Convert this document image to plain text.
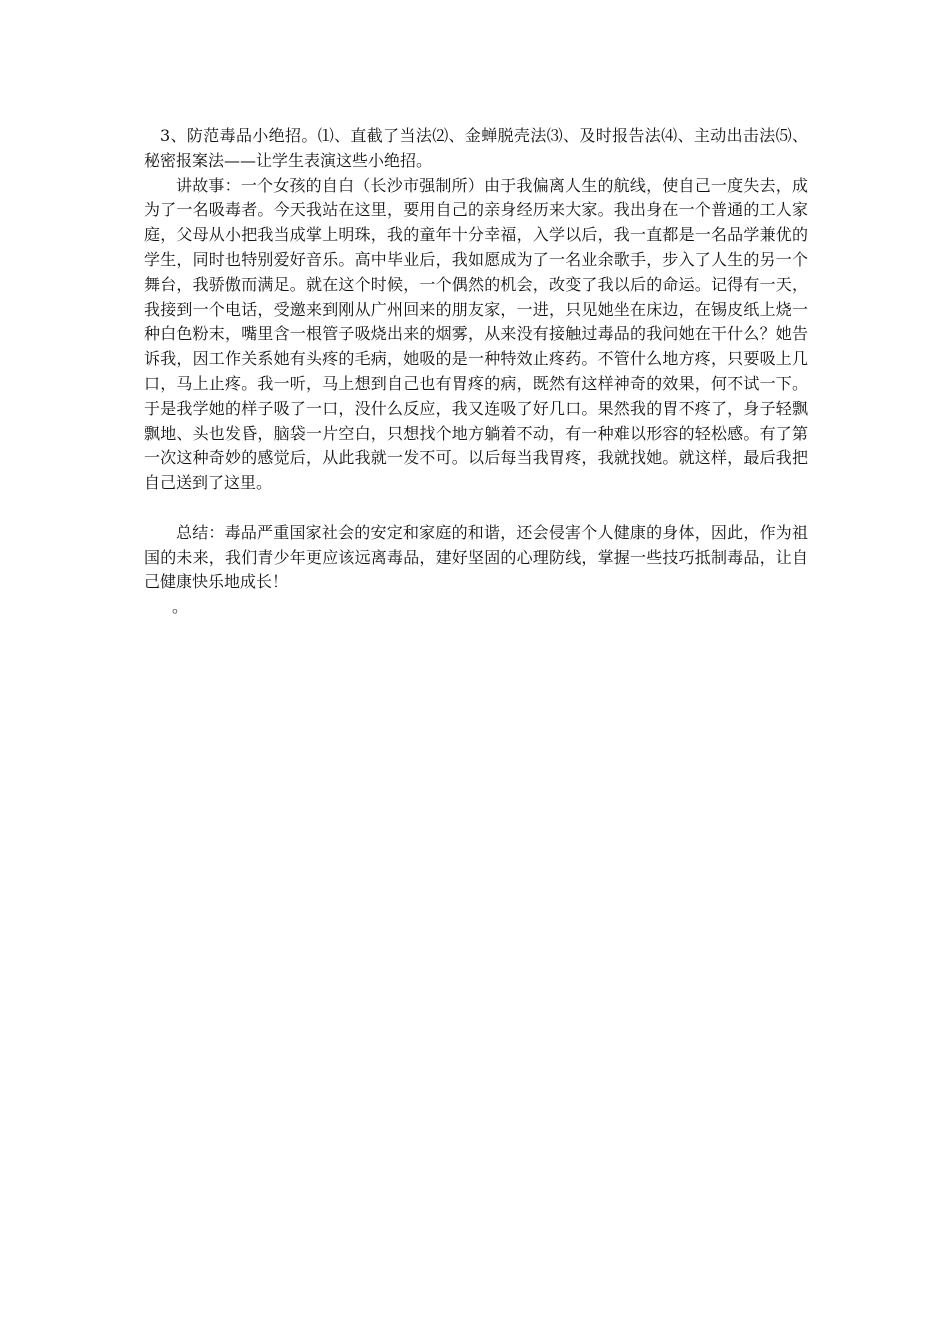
3、防范毒品小绝招。⑴、直截了当法⑵、金蝉脱壳法⑶、及时报告法⑷、主动出击法⑸、秘密报案法——让学生表演这些小绝招。

讲故事：一个女孩的自白（长沙市强制所）由于我偏离人生的航线，使自己一度失去，成为了一名吸毒者。今天我站在这里，要用自己的亲身经历来大家。我出身在一个普通的工人家庭，父母从小把我当成掌上明珠，我的童年十分幸福，入学以后，我一直都是一名品学兼优的学生，同时也特别爱好音乐。高中毕业后，我如愿成为了一名业余歌手，步入了人生的另一个舞台，我骄傲而满足。就在这个时候，一个偶然的机会，改变了我以后的命运。记得有一天，我接到一个电话，受邀来到刚从广州回来的朋友家，一进，只见她坐在床边，在锡皮纸上烧一种白色粉末，嘴里含一根管子吸烧出来的烟雾，从来没有接触过毒品的我问她在干什么？她告诉我，因工作关系她有头疼的毛病，她吸的是一种特效止疼药。不管什么地方疼，只要吸上几口，马上止疼。我一听，马上想到自己也有胃疼的病，既然有这样神奇的效果，何不试一下。于是我学她的样子吸了一口，没什么反应，我又连吸了好几口。果然我的胃不疼了，身子轻飘飘地、头也发昏，脑袋一片空白，只想找个地方躺着不动，有一种难以形容的轻松感。有了第一次这种奇妙的感觉后，从此我就一发不可。以后每当我胃疼，我就找她。就这样，最后我把自己送到了这里。

总结：毒品严重国家社会的安定和家庭的和谐，还会侵害个人健康的身体，因此，作为祖国的未来，我们青少年更应该远离毒品，建好坚固的心理防线，掌握一些技巧抵制毒品，让自己健康快乐地成长！

。
